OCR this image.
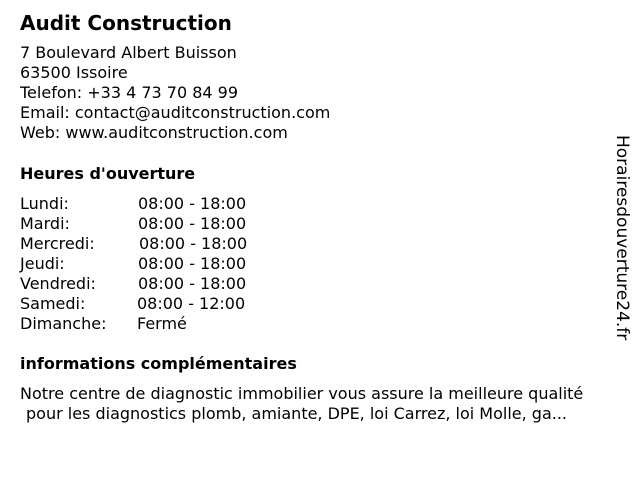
Audit Construction
7 Boulevard Albert Buisson
63500 Issoire
Telefon: +33 4 73 70 84 99
Email: contact@auditconstruction.com
Web: www.auditconstruction.com
Heures d'ouverture
Lundi:	08:00 - 18:00
Mardi:	08:00 - 18:00
Mercredi:	08:00 - 18:00
Jeudi:	08:00 - 18:00
Vendredi:	08:00 - 18:00
Samedi:	08:00 - 12:00
Dimanche: Fermé
informations complémentaires
Notre centre de diagnostic immobilier vous assure la meilleure qualité
pour les diagnostics plomb, amiante, DPE, loi Carrez, loi Molle, ga...
Horairesdouverture24.fr
